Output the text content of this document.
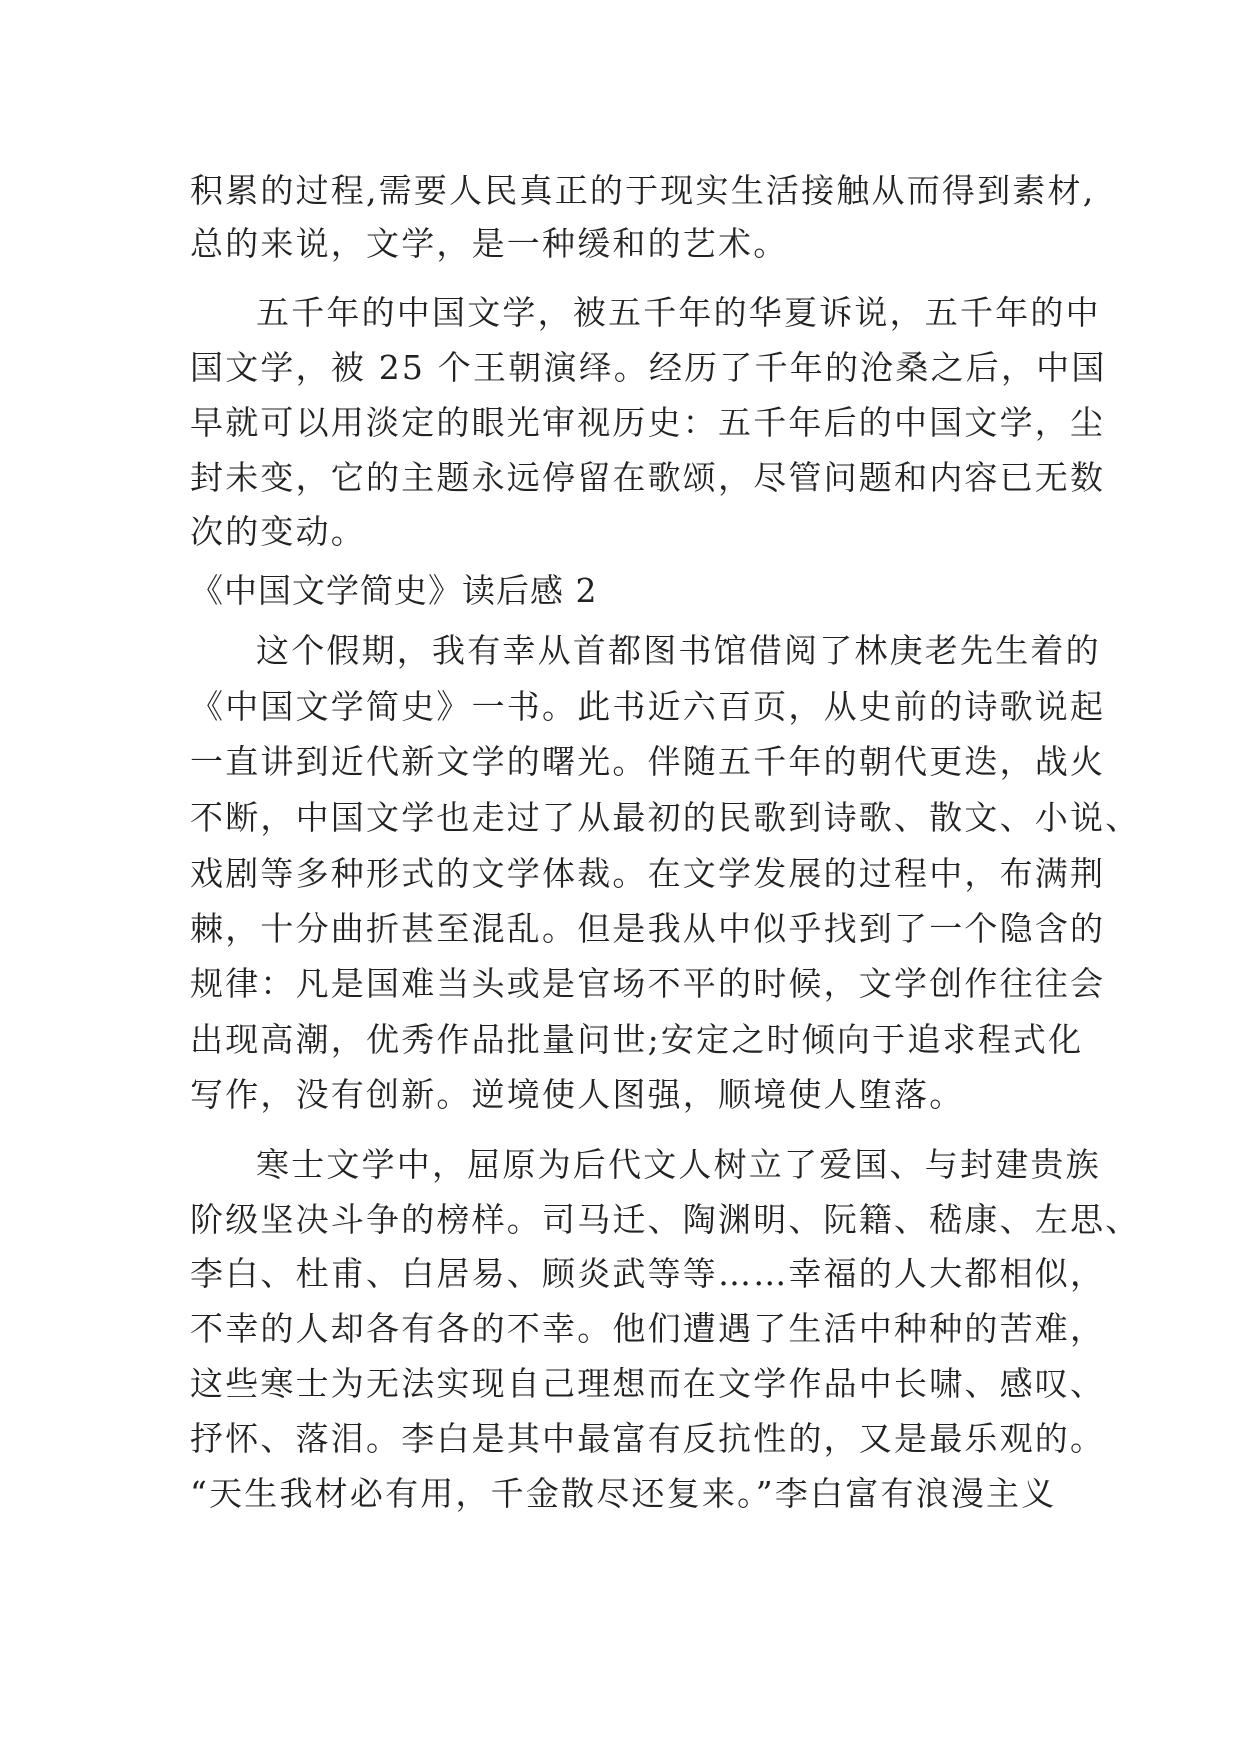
积累的过程,需要人民真正的于现实生活接触从而得到素材,
总的来说，文学，是一种缓和的艺术。
五千年的中国文学，被五千年的华夏诉说，五千年的中
国文学，被 25 个王朝演绎。经历了千年的沧桑之后，中国
早就可以用淡定的眼光审视历史：五千年后的中国文学，尘
封未变，它的主题永远停留在歌颂，尽管问题和内容已无数
次的变动。
《中国文学简史》读后感 2
这个假期，我有幸从首都图书馆借阅了林庚老先生着的
《中国文学简史》一书。此书近六百页，从史前的诗歌说起
一直讲到近代新文学的曙光。伴随五千年的朝代更迭，战火
不断，中国文学也走过了从最初的民歌到诗歌、散文、小说、
戏剧等多种形式的文学体裁。在文学发展的过程中，布满荆
棘，十分曲折甚至混乱。但是我从中似乎找到了一个隐含的
规律：凡是国难当头或是官场不平的时候，文学创作往往会
出现高潮，优秀作品批量问世;安定之时倾向于追求程式化
写作，没有创新。逆境使人图强，顺境使人堕落。
寒士文学中，屈原为后代文人树立了爱国、与封建贵族
阶级坚决斗争的榜样。司马迁、陶渊明、阮籍、嵇康、左思、
李白、杜甫、白居易、顾炎武等等……幸福的人大都相似，
不幸的人却各有各的不幸。他们遭遇了生活中种种的苦难，
这些寒士为无法实现自己理想而在文学作品中长啸、感叹、
抒怀、落泪。李白是其中最富有反抗性的，又是最乐观的。
“天生我材必有用，千金散尽还复来。”李白富有浪漫主义
